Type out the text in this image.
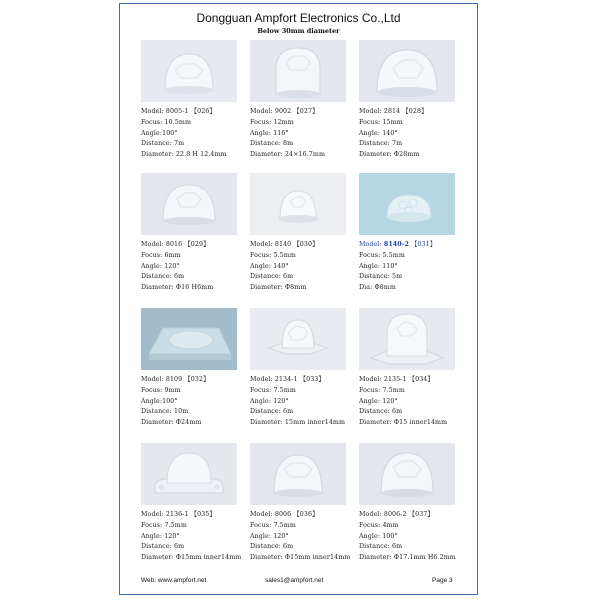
Dongguan Ampfort Electronics Co.,Ltd
Below 30mm diameter
Model: 8005-1 【026】
Focus: 10.5mm
Angle:100°
Distance: 7m
Diameter: 22.8 H 12.4mm
Model: 9002 【027】
Focus: 12mm
Angle: 116°
Distance: 8m
Diameter: 24×16.7mm
Model: 2814 【028】
Focus: 15mm
Angle: 140°
Distance: 7m
Diameter: Φ28mm
Model: 8016 【029】
Focus: 6mm
Angle: 120°
Distance: 6m
Diameter: Φ16 H6mm
Model: 8140 【030】
Focus: 5.5mm
Angle: 140°
Distance: 6m
Diameter: Φ8mm
Model: 8140-2 【031】
Focus: 5.5mm
Angle: 110°
Distance: 5m
Dia: Φ8mm
Model: 8109 【032】
Focus: 9mm
Angle:100°
Distance: 10m
Diameter: Φ24mm
Model: 2134-1 【033】
Focus: 7.5mm
Angle: 120°
Distance: 6m
Diameter: 15mm inner14mm
Model: 2135-1 【034】
Focus: 7.5mm
Angle: 120°
Distance: 6m
Diameter: Φ15 inner14mm
Model: 2136-1 【035】
Focus: 7.5mm
Angle: 120°
Distance: 6m
Diameter: Φ15mm inner14mm
Model: 8006 【036】
Focus: 7.5mm
Angle: 120°
Distance: 6m
Diameter: Φ15mm inner14mm
Model: 8006-2 【037】
Focus: 4mm
Angle: 100°
Distance: 6m
Diameter: Φ17.1mm H6.2mm
Web: www.ampfort.net	sales1@ampfort.net	Page 3
